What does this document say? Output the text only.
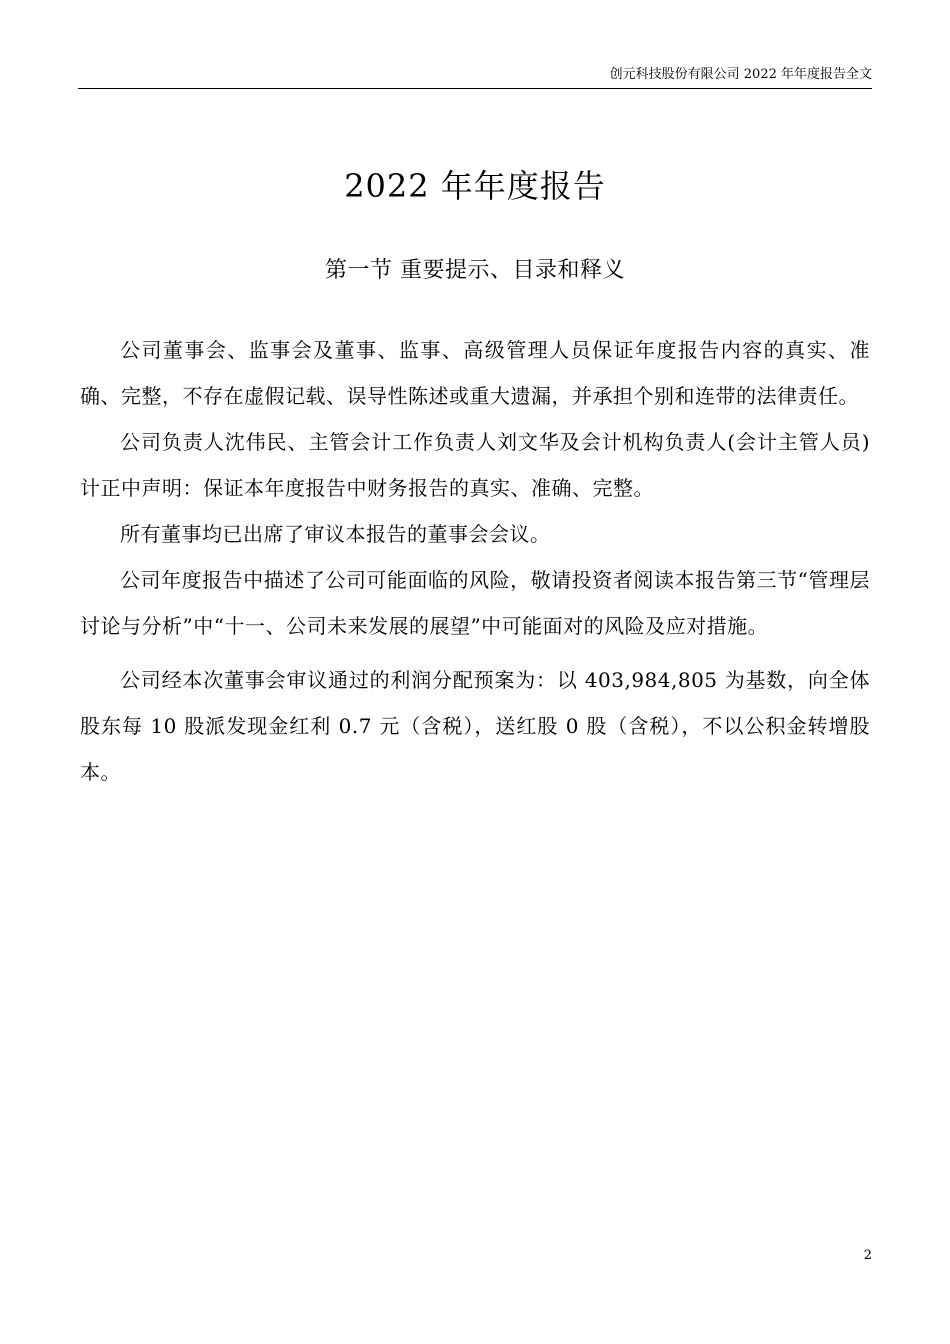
创元科技股份有限公司 2022 年年度报告全文
2022 年年度报告
第一节 重要提示、目录和释义

公司董事会、监事会及董事、监事、高级管理人员保证年度报告内容的真实、准确、完整，不存在虚假记载、误导性陈述或重大遗漏，并承担个别和连带的法律责任。

公司负责人沈伟民、主管会计工作负责人刘文华及会计机构负责人(会计主管人员)计正中声明：保证本年度报告中财务报告的真实、准确、完整。

所有董事均已出席了审议本报告的董事会会议。

公司年度报告中描述了公司可能面临的风险，敬请投资者阅读本报告第三节“管理层讨论与分析”中“十一、公司未来发展的展望”中可能面对的风险及应对措施。

公司经本次董事会审议通过的利润分配预案为：以 403,984,805 为基数，向全体股东每 10 股派发现金红利 0.7 元（含税），送红股 0 股（含税），不以公积金转增股本。

2
